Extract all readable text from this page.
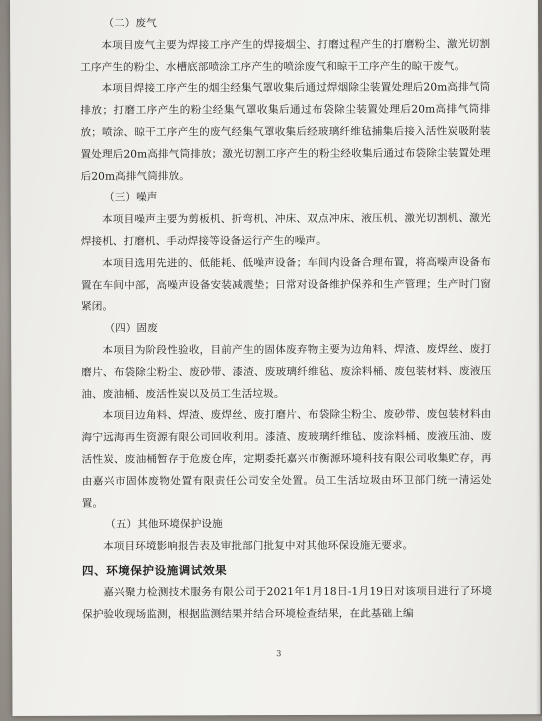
（二）废气

本项目废气主要为焊接工序产生的焊接烟尘、打磨过程产生的打磨粉尘、激光切割工序产生的粉尘、水槽底部喷涂工序产生的喷涂废气和晾干工序产生的晾干废气。

本项目焊接工序产生的烟尘经集气罩收集后通过焊烟除尘装置处理后20m高排气筒排放；打磨工序产生的粉尘经集气罩收集后通过布袋除尘装置处理后20m高排气筒排放；喷涂、晾干工序产生的废气经集气罩收集后经玻璃纤维毡捕集后接入活性炭吸附装置处理后20m高排气筒排放；激光切割工序产生的粉尘经收集后通过布袋除尘装置处理后20m高排气筒排放。

（三）噪声

本项目噪声主要为剪板机、折弯机、冲床、双点冲床、液压机、激光切割机、激光焊接机、打磨机、手动焊接等设备运行产生的噪声。

本项目选用先进的、低能耗、低噪声设备；车间内设备合理布置，将高噪声设备布置在车间中部，高噪声设备安装减震垫；日常对设备维护保养和生产管理；生产时门窗紧闭。

（四）固废

本项目为阶段性验收，目前产生的固体废弃物主要为边角料、焊渣、废焊丝、废打磨片、布袋除尘粉尘、废砂带、漆渣、废玻璃纤维毡、废涂料桶、废包装材料、废液压油、废油桶、废活性炭以及员工生活垃圾。

本项目边角料、焊渣、废焊丝、废打磨片、布袋除尘粉尘、废砂带、废包装材料由海宁远海再生资源有限公司回收利用。漆渣、废玻璃纤维毡、废涂料桶、废液压油、废活性炭、废油桶暂存于危废仓库，定期委托嘉兴市衡源环境科技有限公司收集贮存，再由嘉兴市固体废物处置有限责任公司安全处置。员工生活垃圾由环卫部门统一清运处置。

（五）其他环境保护设施

本项目环境影响报告表及审批部门批复中对其他环保设施无要求。

四、环境保护设施调试效果

嘉兴聚力检测技术服务有限公司于2021年1月18日-1月19日对该项目进行了环境保护验收现场监测，根据监测结果并结合环境检查结果，在此基础上编

3
